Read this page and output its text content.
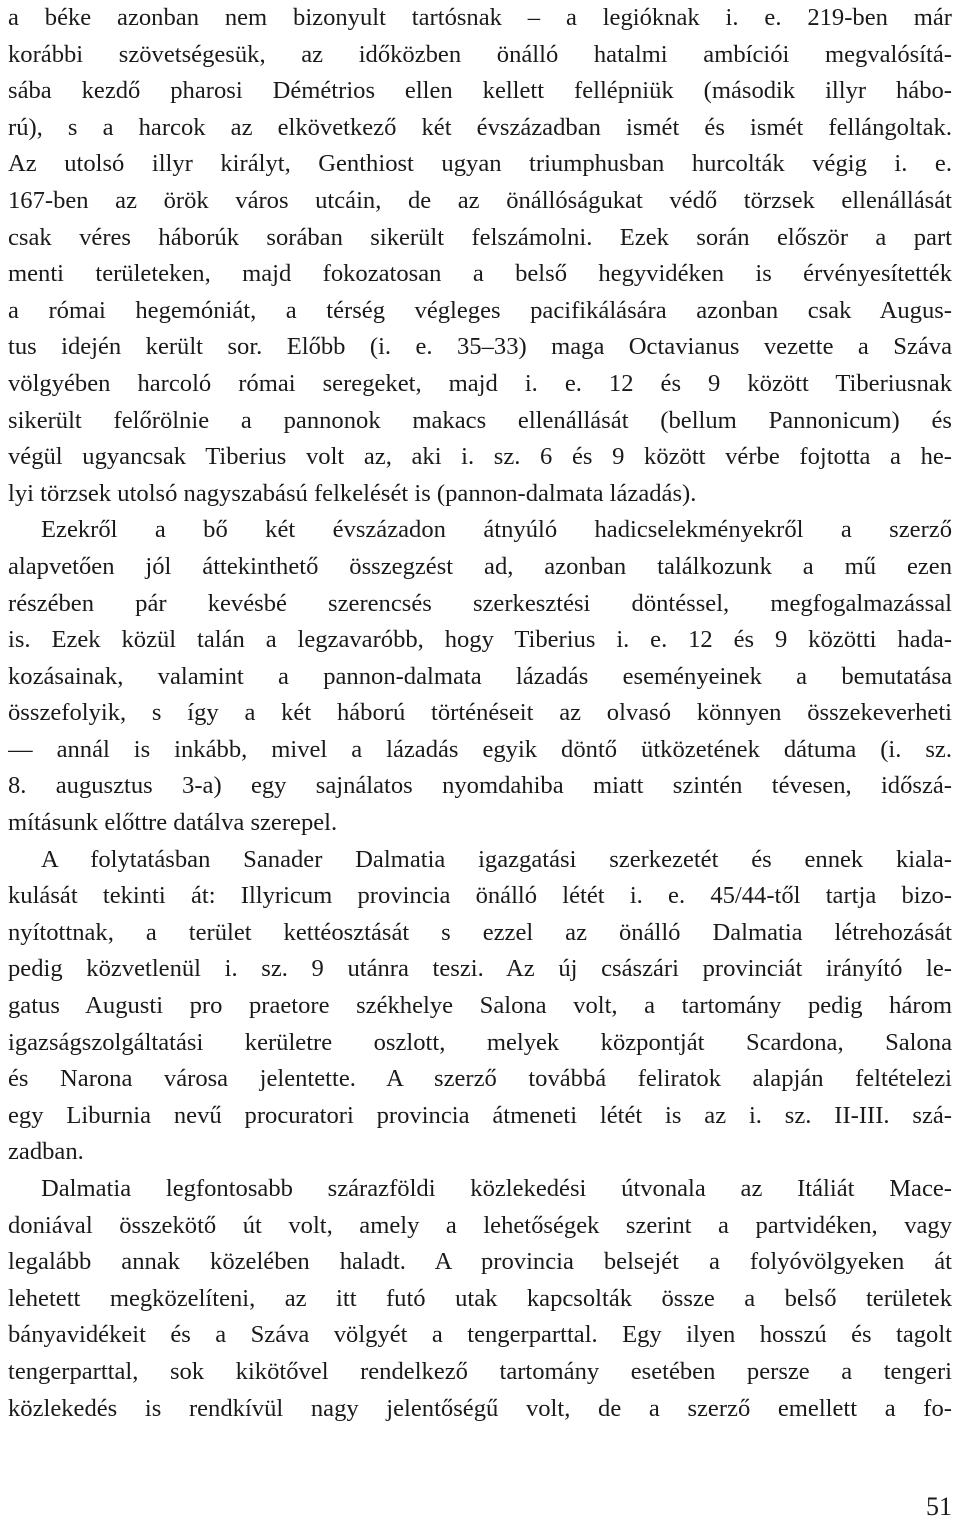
a béke azonban nem bizonyult tartósnak – a legióknak i. e. 219-ben már
korábbi szövetségesük, az időközben önálló hatalmi ambíciói megvalósítá-
sába kezdő pharosi Démétrios ellen kellett fellépniük (második illyr hábo-
rú), s a harcok az elkövetkező két évszázadban ismét és ismét fellángoltak.
Az utolsó illyr királyt, Genthiost ugyan triumphusban hurcolták végig i. e.
167-ben az örök város utcáin, de az önállóságukat védő törzsek ellenállását
csak véres háborúk sorában sikerült felszámolni. Ezek során először a part
menti területeken, majd fokozatosan a belső hegyvidéken is érvényesítették
a római hegemóniát, a térség végleges pacifikálására azonban csak Augus-
tus idején került sor. Előbb (i. e. 35–33) maga Octavianus vezette a Száva
völgyében harcoló római seregeket, majd i. e. 12 és 9 között Tiberiusnak
sikerült felőrölnie a pannonok makacs ellenállását (bellum Pannonicum) és
végül ugyancsak Tiberius volt az, aki i. sz. 6 és 9 között vérbe fojtotta a he-
lyi törzsek utolsó nagyszabású felkelését is (pannon-dalmata lázadás).
Ezekről a bő két évszázadon átnyúló hadicselekményekről a szerző
alapvetően jól áttekinthető összegzést ad, azonban találkozunk a mű ezen
részében pár kevésbé szerencsés szerkesztési döntéssel, megfogalmazással
is. Ezek közül talán a legzavaróbb, hogy Tiberius i. e. 12 és 9 közötti hada-
kozásainak, valamint a pannon-dalmata lázadás eseményeinek a bemutatása
összefolyik, s így a két háború történéseit az olvasó könnyen összekeverheti
— annál is inkább, mivel a lázadás egyik döntő ütközetének dátuma (i. sz.
8. augusztus 3-a) egy sajnálatos nyomdahiba miatt szintén tévesen, időszá-
mításunk előttre datálva szerepel.
A folytatásban Sanader Dalmatia igazgatási szerkezetét és ennek kiala-
kulását tekinti át: Illyricum provincia önálló létét i. e. 45/44-től tartja bizo-
nyítottnak, a terület kettéosztását s ezzel az önálló Dalmatia létrehozását
pedig közvetlenül i. sz. 9 utánra teszi. Az új császári provinciát irányító le-
gatus Augusti pro praetore székhelye Salona volt, a tartomány pedig három
igazságszolgáltatási kerületre oszlott, melyek központját Scardona, Salona
és Narona városa jelentette. A szerző továbbá feliratok alapján feltételezi
egy Liburnia nevű procuratori provincia átmeneti létét is az i. sz. II-III. szá-
zadban.
Dalmatia legfontosabb szárazföldi közlekedési útvonala az Itáliát Mace-
doniával összekötő út volt, amely a lehetőségek szerint a partvidéken, vagy
legalább annak közelében haladt. A provincia belsejét a folyóvölgyeken át
lehetett megközelíteni, az itt futó utak kapcsolták össze a belső területek
bányavidékeit és a Száva völgyét a tengerparttal. Egy ilyen hosszú és tagolt
tengerparttal, sok kikötővel rendelkező tartomány esetében persze a tengeri
közlekedés is rendkívül nagy jelentőségű volt, de a szerző emellett a fo-
51
